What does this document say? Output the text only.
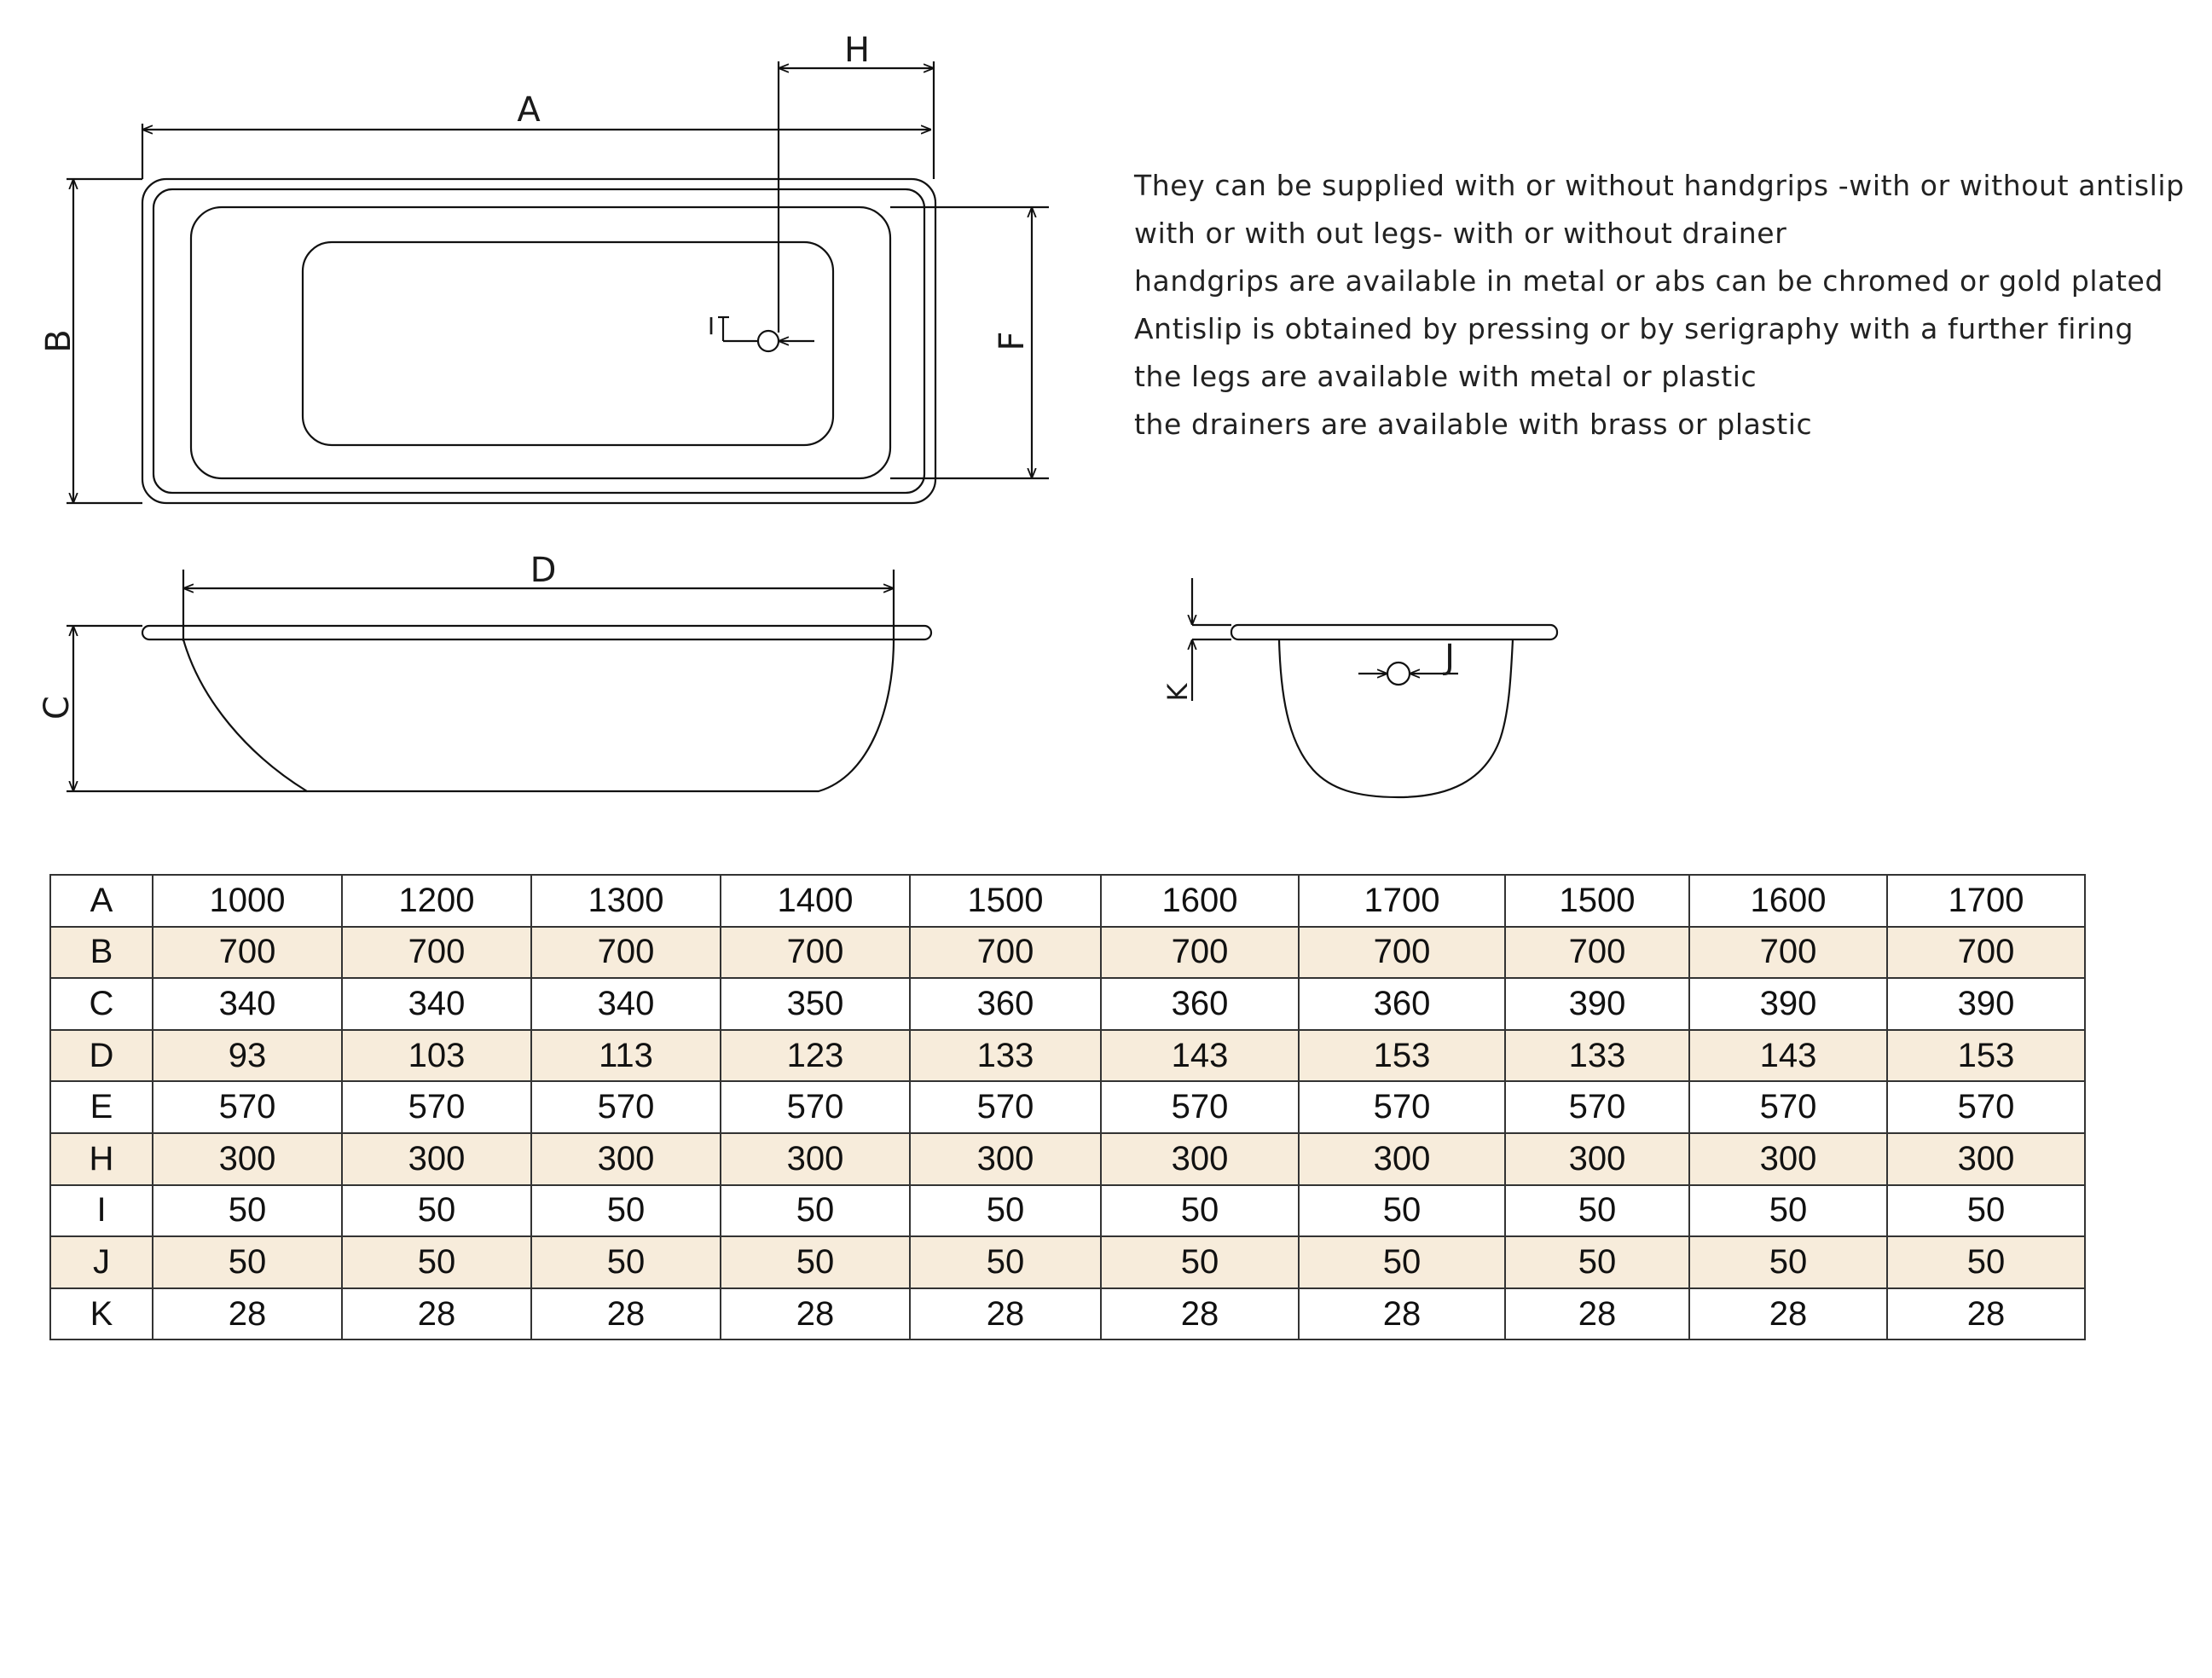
A
H
B	F
I
D
C
J
K
They can be supplied with or without handgrips -with or without antislip
with or with out legs- with or without drainer
handgrips are available in metal or abs can be chromed or gold plated
Antislip is obtained by pressing or by serigraphy with a further firing
the legs are available with metal or plastic
the drainers are available with brass or plastic
A	1000	1200	1300	1400	1500	1600	1700	1500	1600	1700
B	700	700	700	700	700	700	700	700	700	700
C	340	340	340	350	360	360	360	390	390	390
D	93	103	113	123	133	143	153	133	143	153
E	570	570	570	570	570	570	570	570	570	570
H	300	300	300	300	300	300	300	300	300	300
I	50	50	50	50	50	50	50	50	50	50
J	50	50	50	50	50	50	50	50	50	50
K	28	28	28	28	28	28	28	28	28	28
